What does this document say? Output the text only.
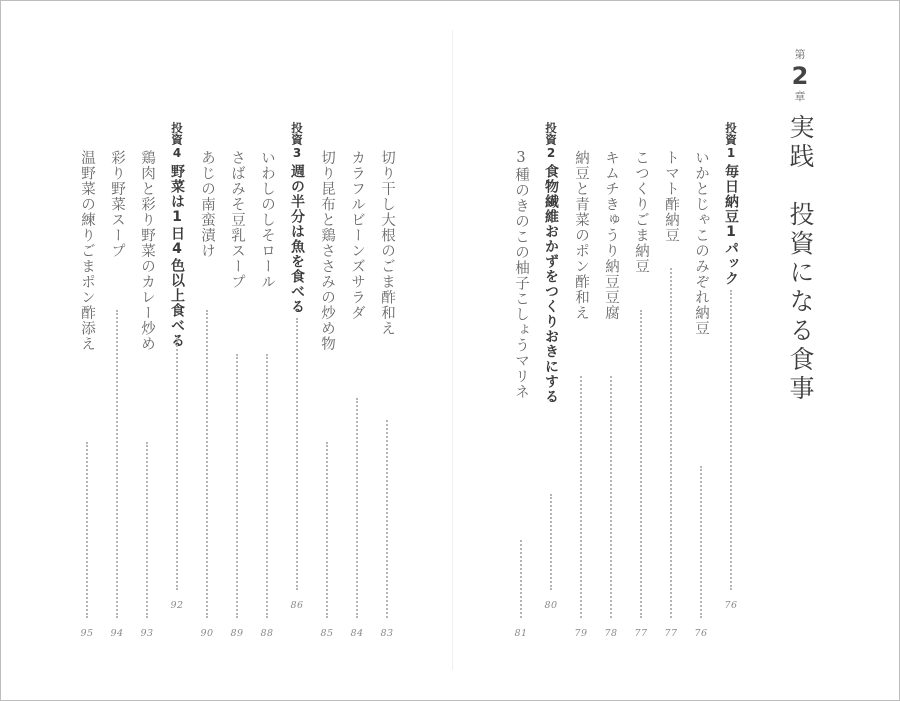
第
2
章
実践　投資になる食事
投資
1
毎日納豆1パック
76
いかとじゃこのみぞれ納豆
76
トマト酢納豆
77
こつくりごま納豆
77
キムチきゅうり納豆豆腐
78
納豆と青菜のポン酢和え
79
投資
2
食物繊維おかずをつくりおきにする
80
3種のきのこの柚子こしょうマリネ
81
切り干し大根のごま酢和え
83
カラフルビーンズサラダ
84
切り昆布と鶏ささみの炒め物
85
投資
3
週の半分は魚を食べる
86
いわしのしそロール
88
さばみそ豆乳スープ
89
あじの南蛮漬け
90
投資
4
野菜は1日4色以上食べる
92
鶏肉と彩り野菜のカレー炒め
93
彩り野菜スープ
94
温野菜の練りごまポン酢添え
95
